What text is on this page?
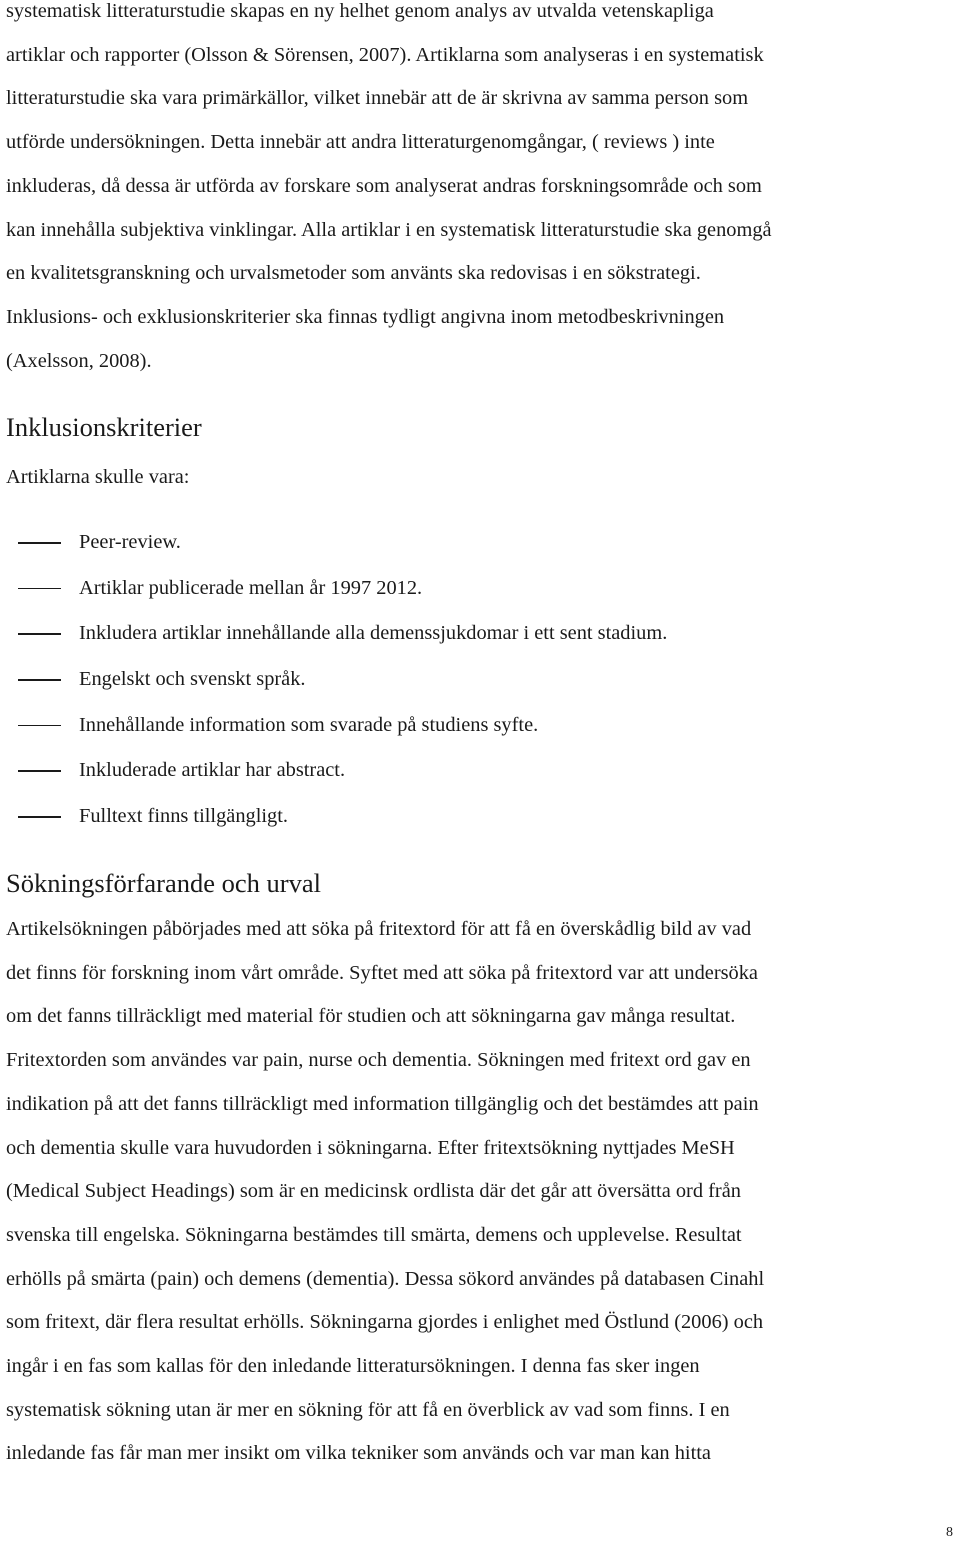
systematisk litteraturstudie skapas en ny helhet genom analys av utvalda vetenskapliga
artiklar och rapporter (Olsson & Sörensen, 2007). Artiklarna som analyseras i en systematisk
litteraturstudie ska vara primärkällor, vilket innebär att de är skrivna av samma person som
utförde undersökningen. Detta innebär att andra litteraturgenomgångar, ( reviews ) inte
inkluderas, då dessa är utförda av forskare som analyserat andras forskningsområde och som
kan innehålla subjektiva vinklingar. Alla artiklar i en systematisk litteraturstudie ska genomgå
en kvalitetsgranskning och urvalsmetoder som använts ska redovisas i en sökstrategi.
Inklusions- och exklusionskriterier ska finnas tydligt angivna inom metodbeskrivningen
(Axelsson, 2008).
Inklusionskriterier
Artiklarna skulle vara:
Peer-review.
Artiklar publicerade mellan år 1997 2012.
Inkludera artiklar innehållande alla demenssjukdomar i ett sent stadium.
Engelskt och svenskt språk.
Innehållande information som svarade på studiens syfte.
Inkluderade artiklar har abstract.
Fulltext finns tillgängligt.
Sökningsförfarande och urval
Artikelsökningen påbörjades med att söka på fritextord för att få en överskådlig bild av vad
det finns för forskning inom vårt område. Syftet med att söka på fritextord var att undersöka
om det fanns tillräckligt med material för studien och att sökningarna gav många resultat.
Fritextorden som användes var pain, nurse och dementia. Sökningen med fritext ord gav en
indikation på att det fanns tillräckligt med information tillgänglig och det bestämdes att pain
och dementia skulle vara huvudorden i sökningarna. Efter fritextsökning nyttjades MeSH
(Medical Subject Headings) som är en medicinsk ordlista där det går att översätta ord från
svenska till engelska. Sökningarna bestämdes till smärta, demens och upplevelse. Resultat
erhölls på smärta (pain) och demens (dementia). Dessa sökord användes på databasen Cinahl
som fritext, där flera resultat erhölls. Sökningarna gjordes i enlighet med Östlund (2006) och
ingår i en fas som kallas för den inledande litteratursökningen. I denna fas sker ingen
systematisk sökning utan är mer en sökning för att få en överblick av vad som finns. I en
inledande fas får man mer insikt om vilka tekniker som används och var man kan hitta
8
